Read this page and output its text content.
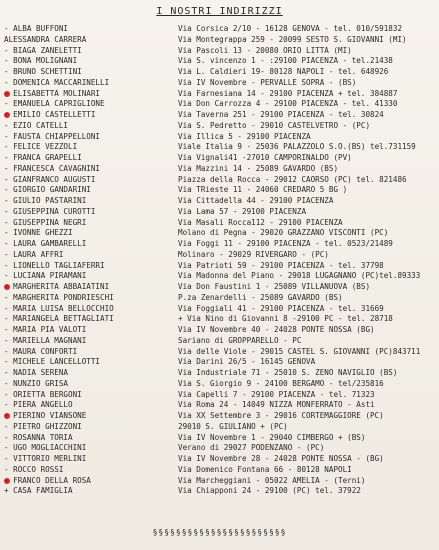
I NOSTRI INDIRIZZI
- ALBA BUFFONI	Via Corsica 2/10 - 16128 GENOVA - tel. 010/591832
ALESSANDRA CARRERA	Via Montegrappa 259 - 20099 SESTO S. GIOVANNI (MI)
- BIAGA ZANELETTI	Via Pascoli 13 - 20080 ORIO LITTA (MI)
- BONA MOLIGNANI	Via S. vincenzo 1 - :29100 PIACENZA - tel.21438
- BRUNO SCHETTINI	Via L. Caldieri 19- 80128 NAPOLI - tel. 648926
- DOMENICA MACCARINELLI	Via IV Novembre - PERVALLE SOPRA - (BS)
- ELISABETTA MOLINARI	Via Farnesiana 14 - 29100 PIACENZA + tel. 384887
- EMANUELA CAPRIGLIONE	Via Don Carrozza 4 - 29100 PIACENZA - tel. 41330
- EMILIO CASTELLETTI	Via Taverna 251 - 29100 PIACENZA - tel. 30824
- EZIO CATELLI	Via S. Pedretto - 29010 CASTELVETRO - (PC)
- FAUSTA CHIAPPELLONI	Via Illica 5 - 29100 PIACENZA
- FELICE VEZZOLI	Viale Italia 9 - 25036 PALAZZOLO S.O.(BS) tel.731159
- FRANCA GRAPELLI	Via Vignali41 -27010 CAMPORINALDO (PV)
- FRANCESCA CAVAGNINI	Via Mazzini 14 - 25089 GAVARDO (BS)
- GIANFRANCO AUGUSTI	Piazza della Rocca - 29012 CAORSO (PC) tel. 821486
- GIORGIO GANDARINI	Via TRieste 11 - 24060 CREDARO 5 BG )
- GIULIO PASTARINI	Via Cittadella 44 - 29100 PIACENZA
- GIUSEPPINA CUROTTI	Via Lama 57 - 29100 PIACENZA
- GIUSEPPINA NEGRI	Via Masali Rocca112 - 29100 PIACENZA
- IVONNE GHEZZI	Molano di Pegna - 29020 GRAZZANO VISCONTI (PC)
- LAURA GAMBARELLI	Via Foggi 11 - 29100 PIACENZA - tel. 0523/21489
- LAURA AFFRI	Molinaro - 29029 RIVERGARO - (PC)
- LIONELLO TAGLIAFERRI	Via Patrioti 59 - 29100 PIACENZA - tel. 37798
- LUCIANA PIRAMANI	Via Madonna del Piano - 29018 LUGAGNANO (PC)tel.89333
- MARGHERITA ABBAIATINI	Via Don Faustini 1 - 25089 VILLANUOVA (BS)
- MARGHERITA PONDRIESCHI	P.za Zenardelli - 25089 GAVARDO (BS)
- MARIA LUISA BELLOCCHIO	Via Foggiali 41 - 29100 PIACENZA - tel. 31669
- MARIANGELA BETTAGLIATI	+ Via Nino di Giovanni 8 -29100 PC - tel. 28718
- MARIA PIA VALOTI	Via IV Novembre 40 - 24028 PONTE NOSSA (BG)
- MARIELLA MAGNANI	Sariano di GROPPARELLO - PC
- MAURA CONFORTI	Via delle Viole - 29015 CASTEL S. GIOVANNI (PC)843711
- MICHELE LANCELLOTTI	Via Darini 26/5 - 16145 GENOVA
- NADIA SERENA	Via Industriale 71 - 25010 S. ZENO NAVIGLIO (BS)
- NUNZIO GRISA	Via S. Giorgio 9 - 24100 BERGAMO - tel/235816
- ORIETTA BERGONI	Via Capelli 7 - 29100 PIACENZA - tel. 71323
- PIERA ANGELLO	Via Roma 24 - 14049 NIZZA MONFERRATO - Asti
- PIERINO VIANSONE	Via XX Settembre 3 - 29016 CORTEMAGGIORE (PC)
- PIETRO GHIZZONI	29010 S. GIULIANO + (PC)
- ROSANNA TORIA	Via IV Novembre 1 - 29040 CIMBERGO + (BS)
- UGO MOGLIACCHINI	Verano di 29027 PODENZANO - (PC)
- VITTORIO MERLINI	Via IV Novembre 28 - 24028 PONTE NOSSA - (BG)
- ROCCO ROSSI	Via Domenico Fontana 66 - 80128 NAPOLI
- FRANCO DELLA ROSA	Via Marcheggiani - 05022 AMELIA - (Terni)
+ CASA FAMIGLIA	Via Chiapponi 24 - 29100 (PC) tel. 37922
§§§§§§§§§§§§§§§§§§§§§§§
